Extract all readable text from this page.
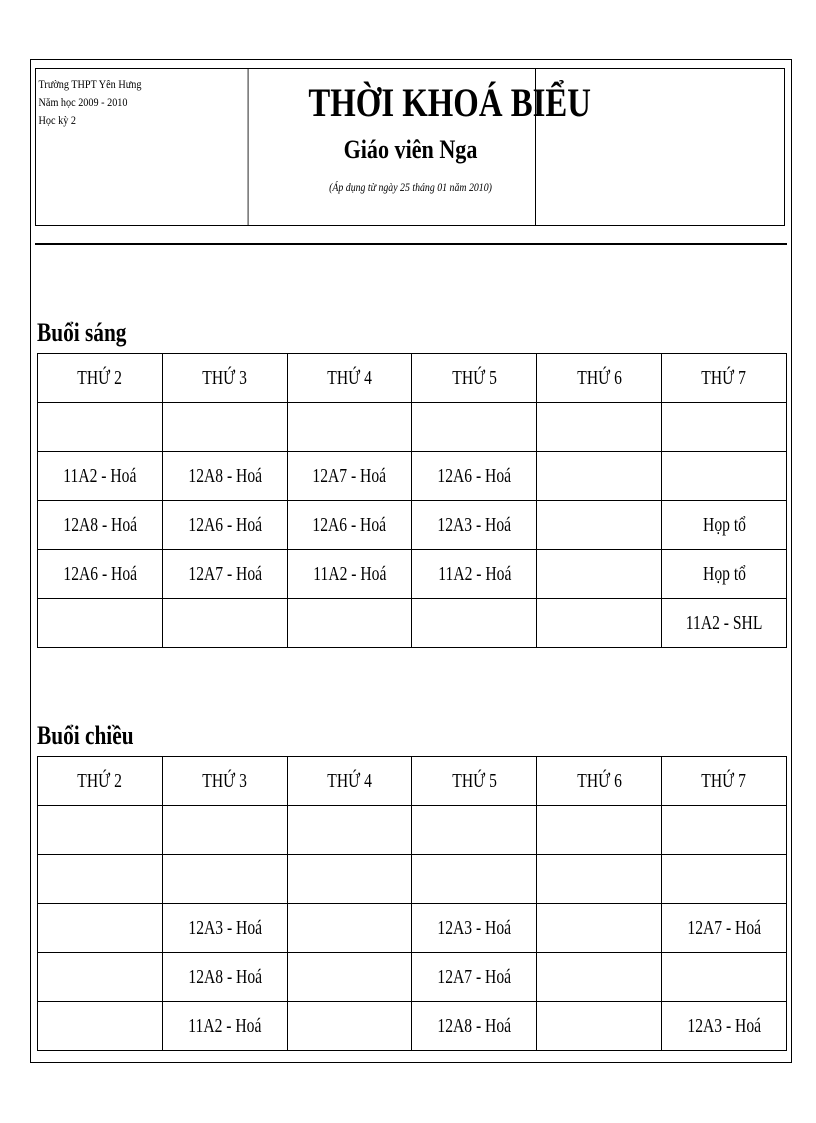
Trường THPT Yên Hưng
Năm học 2009 - 2010
Học kỳ 2	THỜI KHOÁ BIỂU
Giáo viên Nga
(Áp dụng từ ngày 25 tháng 01 năm 2010)
Buổi sáng
THỨ 2	THỨ 3	THỨ 4	THỨ 5	THỨ 6	THỨ 7

11A2 - Hoá	12A8 - Hoá	12A7 - Hoá	12A6 - Hoá		
12A8 - Hoá	12A6 - Hoá	12A6 - Hoá	12A3 - Hoá		Họp tổ
12A6 - Hoá	12A7 - Hoá	11A2 - Hoá	11A2 - Hoá		Họp tổ
					11A2 - SHL
Buổi chiều
THỨ 2	THỨ 3	THỨ 4	THỨ 5	THỨ 6	THỨ 7

	12A3 - Hoá		12A3 - Hoá		12A7 - Hoá
	12A8 - Hoá		12A7 - Hoá		
	11A2 - Hoá		12A8 - Hoá		12A3 - Hoá
